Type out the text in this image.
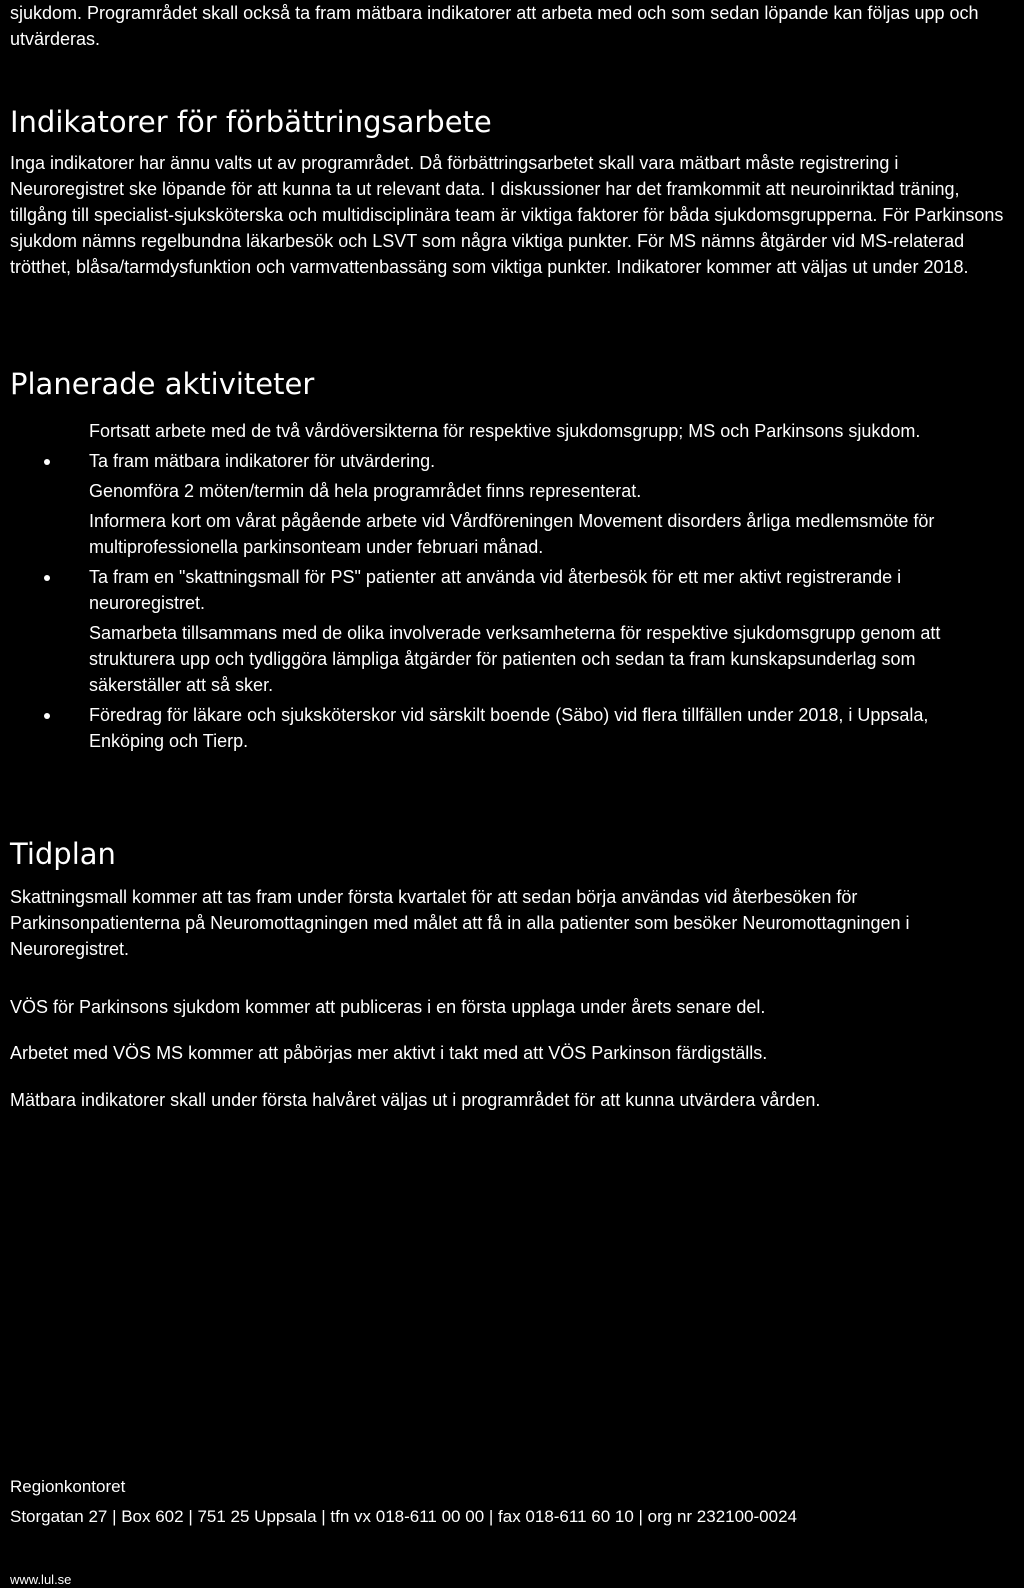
sjukdom. Programrådet skall också ta fram mätbara indikatorer att arbeta med och som sedan löpande kan följas upp och utvärderas.

Indikatorer för förbättringsarbete

Inga indikatorer har ännu valts ut av programrådet. Då förbättringsarbetet skall vara mätbart måste registrering i Neuroregistret ske löpande för att kunna ta ut relevant data. I diskussioner har det framkommit att neuroinriktad träning, tillgång till specialist-sjuksköterska och multidisciplinära team är viktiga faktorer för båda sjukdomsgrupperna. För Parkinsons sjukdom nämns regelbundna läkarbesök och LSVT som några viktiga punkter. För MS nämns åtgärder vid MS-relaterad trötthet, blåsa/tarmdysfunktion och varmvattenbassäng som viktiga punkter. Indikatorer kommer att väljas ut under 2018.

Planerade aktiviteter
Fortsatt arbete med de två vårdöversikterna för respektive sjukdomsgrupp; MS och Parkinsons sjukdom.
Ta fram mätbara indikatorer för utvärdering.
Genomföra 2 möten/termin då hela programrådet finns representerat.
Informera kort om vårat pågående arbete vid Vårdföreningen Movement disorders årliga medlemsmöte för multiprofessionella parkinsonteam under februari månad.
Ta fram en "skattningsmall för PS" patienter att använda vid återbesök för ett mer aktivt registrerande i neuroregistret.
Samarbeta tillsammans med de olika involverade verksamheterna för respektive sjukdomsgrupp genom att strukturera upp och tydliggöra lämpliga åtgärder för patienten och sedan ta fram kunskapsunderlag som säkerställer att så sker.
Föredrag för läkare och sjuksköterskor vid särskilt boende (Säbo) vid flera tillfällen under 2018, i Uppsala, Enköping och Tierp.
Tidplan

Skattningsmall kommer att tas fram under första kvartalet för att sedan börja användas vid återbesöken för Parkinsonpatienterna på Neuromottagningen med målet att få in alla patienter som besöker Neuromottagningen i Neuroregistret.

VÖS för Parkinsons sjukdom kommer att publiceras i en första upplaga under årets senare del.

Arbetet med VÖS MS kommer att påbörjas mer aktivt i takt med att VÖS Parkinson färdigställs.

Mätbara indikatorer skall under första halvåret väljas ut i programrådet för att kunna utvärdera vården.

Regionkontoret

Storgatan 27 | Box 602 | 751 25 Uppsala | tfn vx 018-611 00 00 | fax 018-611 60 10 | org nr 232100-0024

www.lul.se
